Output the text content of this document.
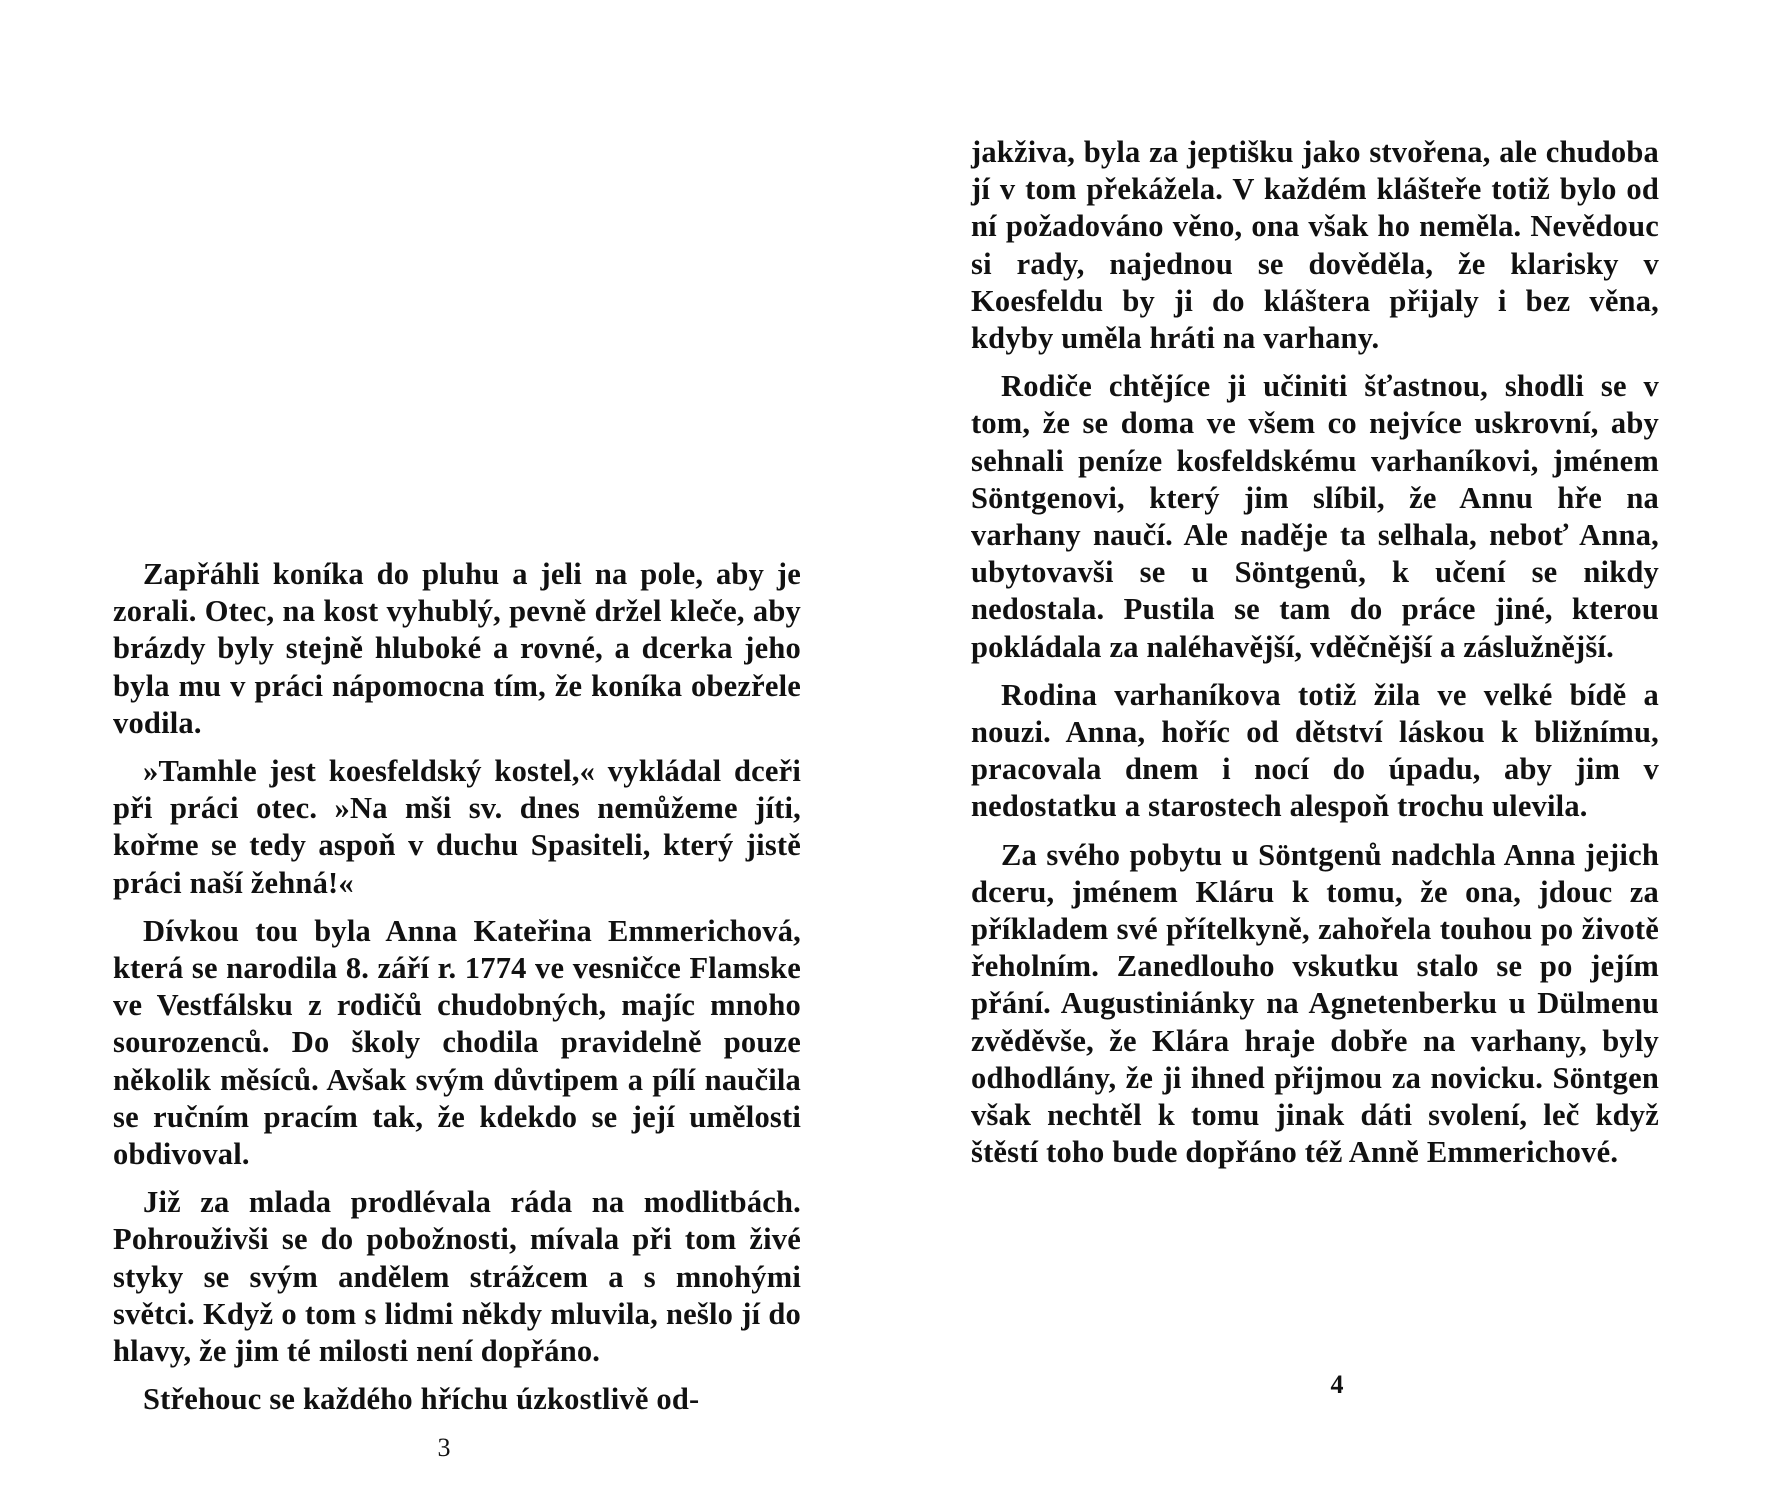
Zapřáhli koníka do pluhu a jeli na pole, aby je zorali. Otec, na kost vyhublý, pevně držel kleče, aby brázdy byly stejně hluboké a rovné, a dcerka jeho byla mu v práci nápomocna tím, že koníka obezřele vodila.

»Tamhle jest koesfeldský kostel,« vykládal dceři při práci otec. »Na mši sv. dnes nemůžeme jíti, kořme se tedy aspoň v duchu Spasiteli, který jistě práci naší žehná!«

Dívkou tou byla Anna Kateřina Emmerichová, která se narodila 8. září r. 1774 ve vesničce Flamske ve Vestfálsku z rodičů chudobných, majíc mnoho sourozenců. Do školy chodila pravidelně pouze několik měsíců. Avšak svým důvtipem a pílí naučila se ručním pracím tak, že kdekdo se její umělosti obdivoval.

Již za mlada prodlévala ráda na modlitbách. Pohrouživši se do pobožnosti, mívala při tom živé styky se svým andělem strážcem a s mnohými světci. Když o tom s lidmi někdy mluvila, nešlo jí do hlavy, že jim té milosti není dopřáno.

Střehouc se každého hříchu úzkostlivě od-

3

jakživa, byla za jeptišku jako stvořena, ale chudoba jí v tom překážela. V každém klášteře totiž bylo od ní požadováno věno, ona však ho neměla. Nevědouc si rady, najednou se dověděla, že klarisky v Koesfeldu by ji do kláštera přijaly i bez věna, kdyby uměla hráti na varhany.

Rodiče chtějíce ji učiniti šťastnou, shodli se v tom, že se doma ve všem co nejvíce uskrovní, aby sehnali peníze kosfeldskému varhaníkovi, jménem Söntgenovi, který jim slíbil, že Annu hře na varhany naučí. Ale naděje ta selhala, neboť Anna, ubytovavši se u Söntgenů, k učení se nikdy nedostala. Pustila se tam do práce jiné, kterou pokládala za naléhavější, vděčnější a záslužnější.

Rodina varhaníkova totiž žila ve velké bídě a nouzi. Anna, hoříc od dětství láskou k bližnímu, pracovala dnem i nocí do úpadu, aby jim v nedostatku a starostech alespoň trochu ulevila.

Za svého pobytu u Söntgenů nadchla Anna jejich dceru, jménem Kláru k tomu, že ona, jdouc za příkladem své přítelkyně, zahořela touhou po životě řeholním. Zanedlouho vskutku stalo se po jejím přání. Augustiniánky na Agnetenberku u Dülmenu zvěděvše, že Klára hraje dobře na varhany, byly odhodlány, že ji ihned přijmou za novicku. Söntgen však nechtěl k tomu jinak dáti svolení, leč když štěstí toho bude dopřáno též Anně Emmerichové.

4
